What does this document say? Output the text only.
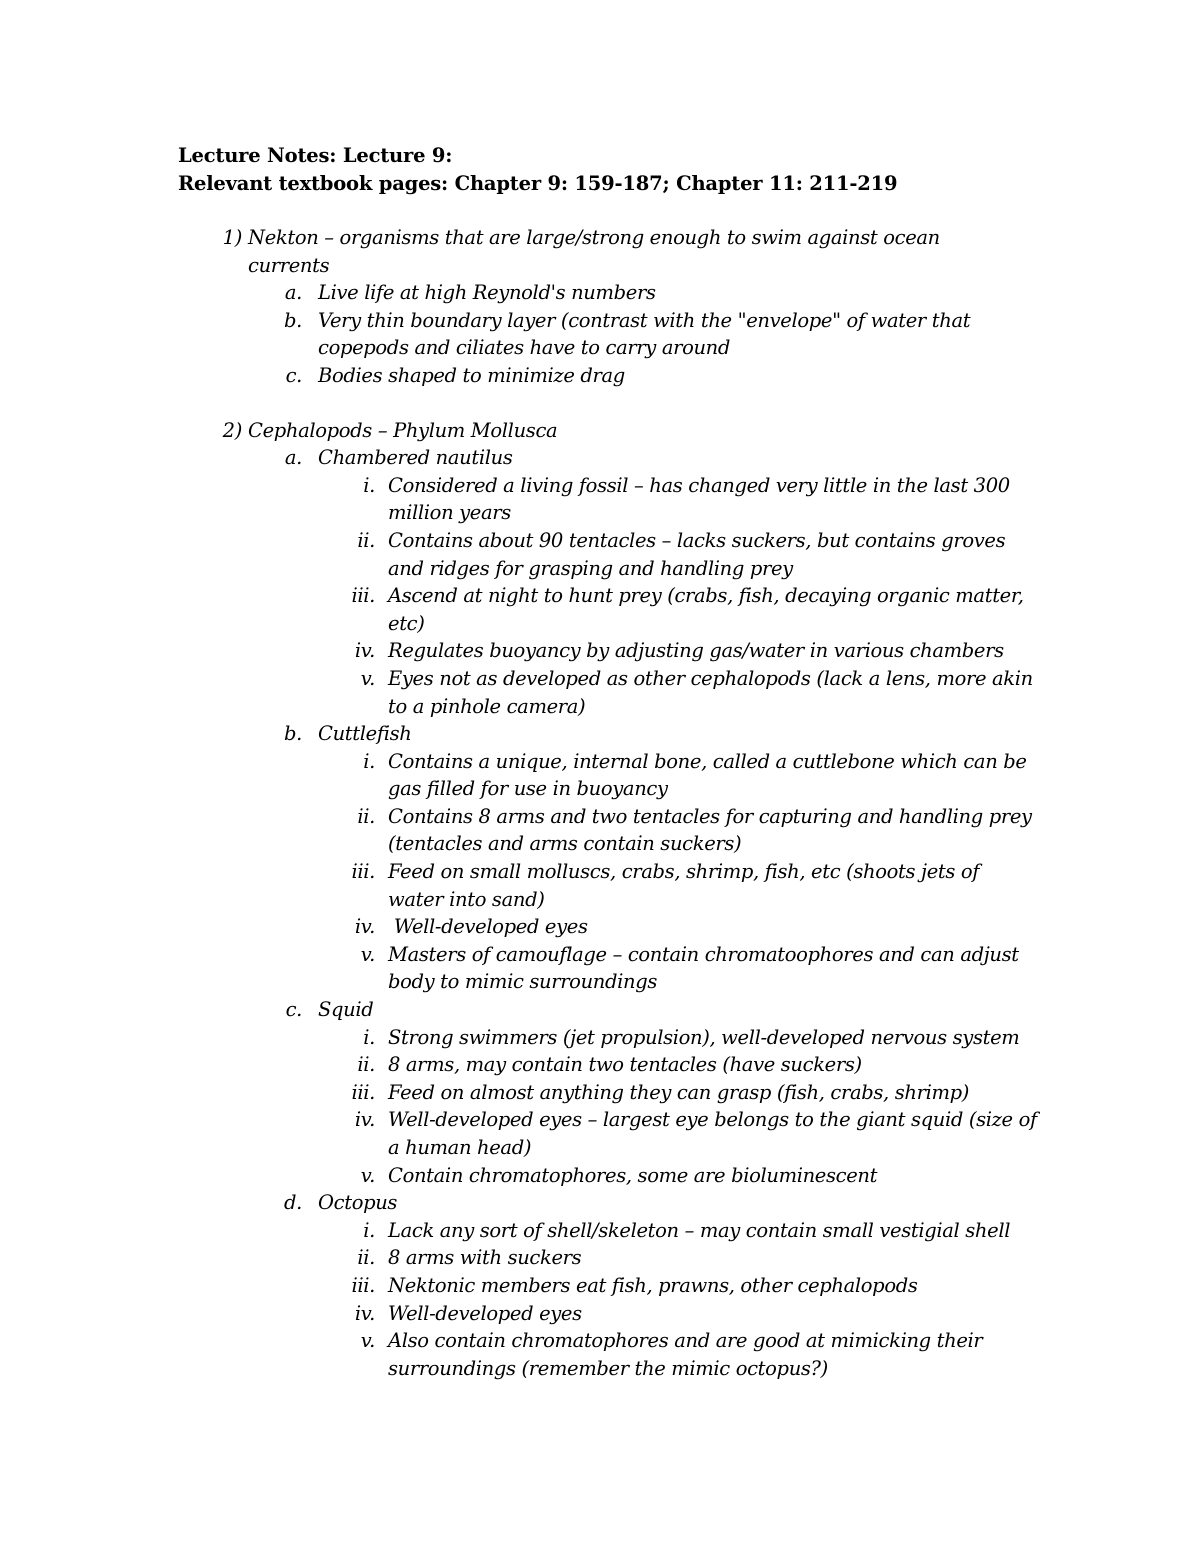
Lecture Notes: Lecture 9:
Relevant textbook pages: Chapter 9: 159-187; Chapter 11: 211-219
1) Nekton – organisms that are large/strong enough to swim against ocean currents
a. Live life at high Reynold's numbers
b. Very thin boundary layer (contrast with the "envelope" of water that copepods and ciliates have to carry around
c. Bodies shaped to minimize drag
2) Cephalopods – Phylum Mollusca
a. Chambered nautilus
i. Considered a living fossil – has changed very little in the last 300 million years
ii. Contains about 90 tentacles – lacks suckers, but contains groves and ridges for grasping and handling prey
iii. Ascend at night to hunt prey (crabs, fish, decaying organic matter, etc)
iv. Regulates buoyancy by adjusting gas/water in various chambers
v. Eyes not as developed as other cephalopods (lack a lens, more akin to a pinhole camera)
b. Cuttlefish
i. Contains a unique, internal bone, called a cuttlebone which can be gas filled for use in buoyancy
ii. Contains 8 arms and two tentacles for capturing and handling prey (tentacles and arms contain suckers)
iii. Feed on small molluscs, crabs, shrimp, fish, etc (shoots jets of water into sand)
iv. Well-developed eyes
v. Masters of camouflage – contain chromatoophores and can adjust body to mimic surroundings
c. Squid
i. Strong swimmers (jet propulsion), well-developed nervous system
ii. 8 arms, may contain two tentacles (have suckers)
iii. Feed on almost anything they can grasp (fish, crabs, shrimp)
iv. Well-developed eyes – largest eye belongs to the giant squid (size of a human head)
v. Contain chromatophores, some are bioluminescent
d. Octopus
i. Lack any sort of shell/skeleton – may contain small vestigial shell
ii. 8 arms with suckers
iii. Nektonic members eat fish, prawns, other cephalopods
iv. Well-developed eyes
v. Also contain chromatophores and are good at mimicking their surroundings (remember the mimic octopus?)
